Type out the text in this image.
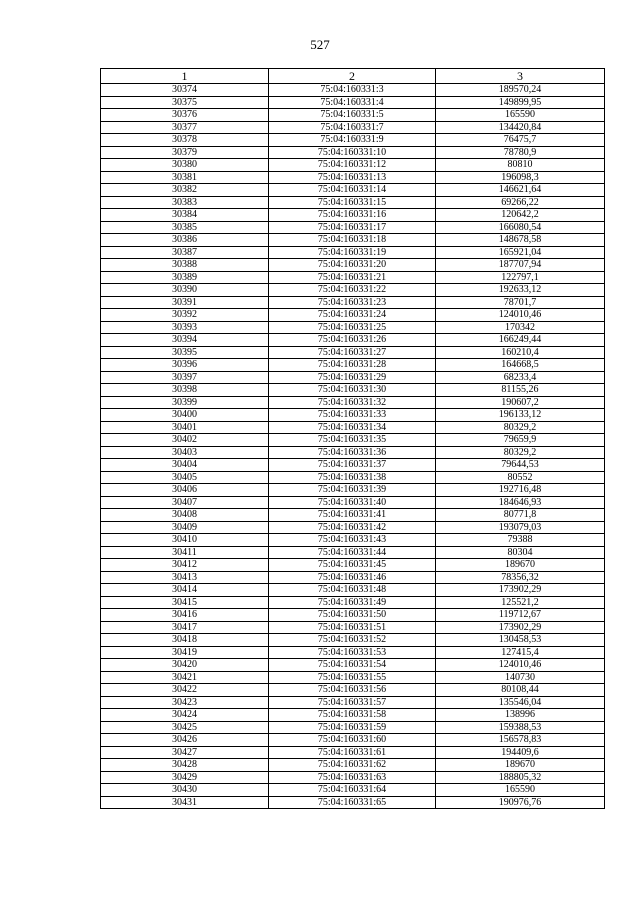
527
1	2	3
30374	75:04:160331:3	189570,24
30375	75:04:160331:4	149899,95
30376	75:04:160331:5	165590
30377	75:04:160331:7	134420,84
30378	75:04:160331:9	76475,7
30379	75:04:160331:10	78780,9
30380	75:04:160331:12	80810
30381	75:04:160331:13	196098,3
30382	75:04:160331:14	146621,64
30383	75:04:160331:15	69266,22
30384	75:04:160331:16	120642,2
30385	75:04:160331:17	166080,54
30386	75:04:160331:18	148678,58
30387	75:04:160331:19	165921,04
30388	75:04:160331:20	187707,94
30389	75:04:160331:21	122797,1
30390	75:04:160331:22	192633,12
30391	75:04:160331:23	78701,7
30392	75:04:160331:24	124010,46
30393	75:04:160331:25	170342
30394	75:04:160331:26	166249,44
30395	75:04:160331:27	160210,4
30396	75:04:160331:28	164668,5
30397	75:04:160331:29	68233,4
30398	75:04:160331:30	81155,26
30399	75:04:160331:32	190607,2
30400	75:04:160331:33	196133,12
30401	75:04:160331:34	80329,2
30402	75:04:160331:35	79659,9
30403	75:04:160331:36	80329,2
30404	75:04:160331:37	79644,53
30405	75:04:160331:38	80552
30406	75:04:160331:39	192716,48
30407	75:04:160331:40	184646,93
30408	75:04:160331:41	80771,8
30409	75:04:160331:42	193079,03
30410	75:04:160331:43	79388
30411	75:04:160331:44	80304
30412	75:04:160331:45	189670
30413	75:04:160331:46	78356,32
30414	75:04:160331:48	173902,29
30415	75:04:160331:49	125521,2
30416	75:04:160331:50	119712,67
30417	75:04:160331:51	173902,29
30418	75:04:160331:52	130458,53
30419	75:04:160331:53	127415,4
30420	75:04:160331:54	124010,46
30421	75:04:160331:55	140730
30422	75:04:160331:56	80108,44
30423	75:04:160331:57	135546,04
30424	75:04:160331:58	138996
30425	75:04:160331:59	159388,53
30426	75:04:160331:60	156578,83
30427	75:04:160331:61	194409,6
30428	75:04:160331:62	189670
30429	75:04:160331:63	188805,32
30430	75:04:160331:64	165590
30431	75:04:160331:65	190976,76
